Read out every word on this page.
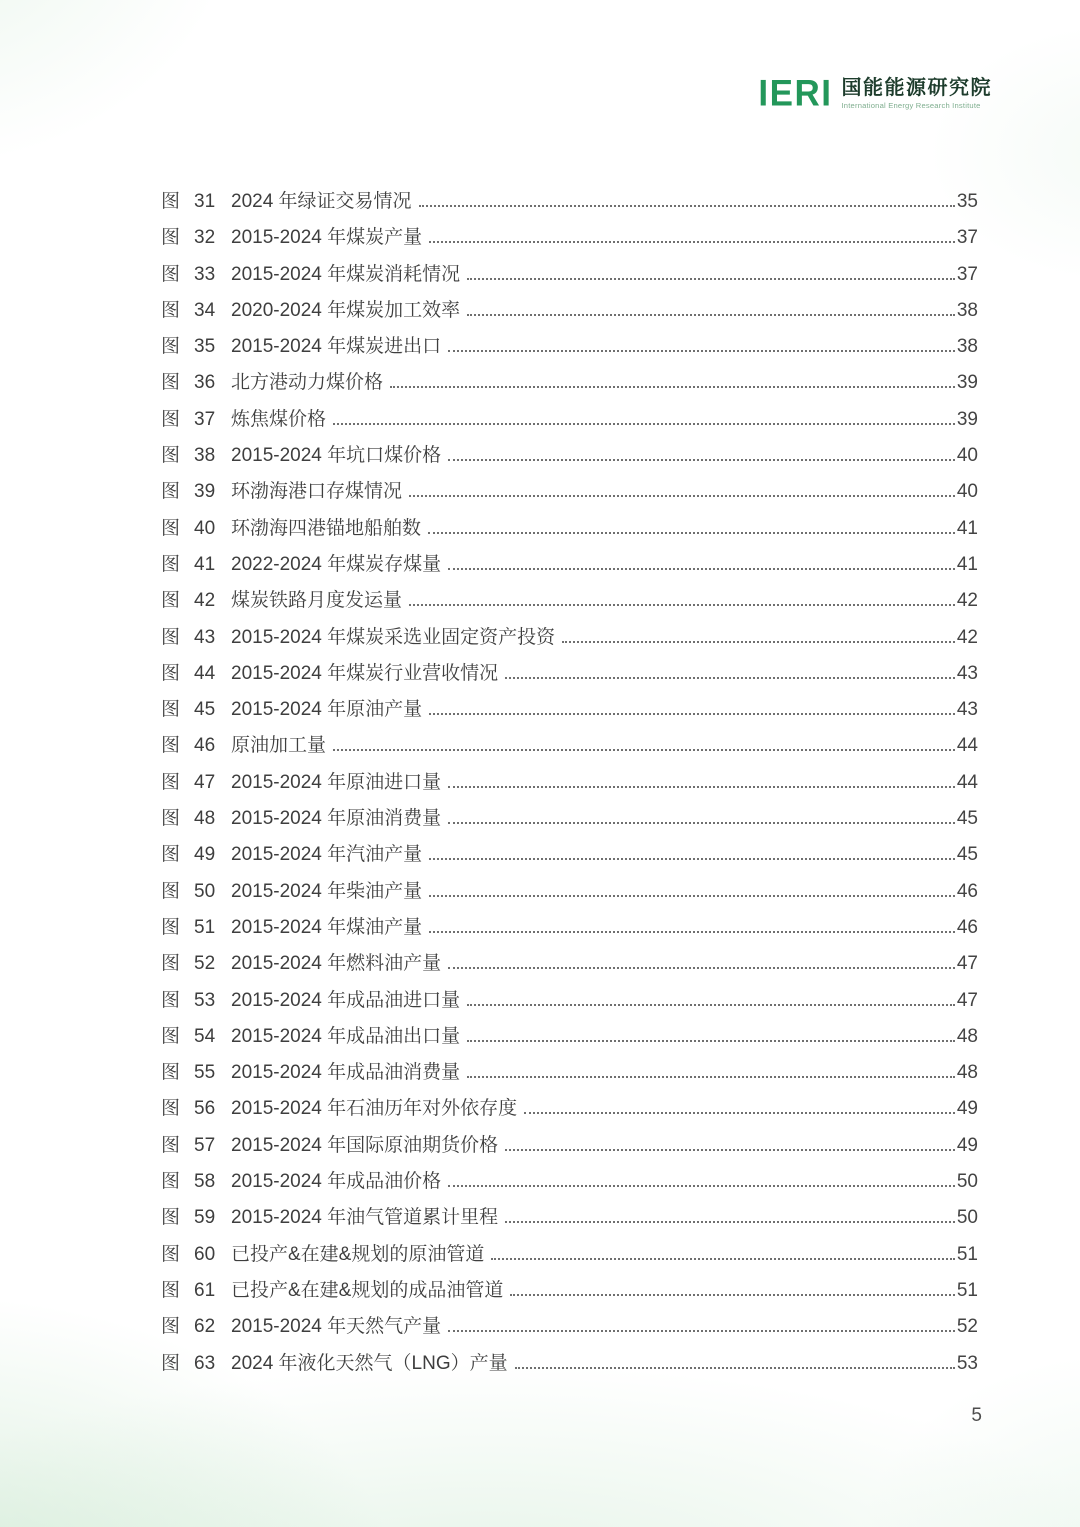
IERI 国能能源研究院
International Energy Research Institute
图 31 2024 年绿证交易情况	35
图 32 2015-2024 年煤炭产量	37
图 33 2015-2024 年煤炭消耗情况	37
图 34 2020-2024 年煤炭加工效率	38
图 35 2015-2024 年煤炭进出口	38
图 36 北方港动力煤价格	39
图 37 炼焦煤价格	39
图 38 2015-2024 年坑口煤价格	40
图 39 环渤海港口存煤情况	40
图 40 环渤海四港锚地船舶数	41
图 41 2022-2024 年煤炭存煤量	41
图 42 煤炭铁路月度发运量	42
图 43 2015-2024 年煤炭采选业固定资产投资	42
图 44 2015-2024 年煤炭行业营收情况	43
图 45 2015-2024 年原油产量	43
图 46 原油加工量	44
图 47 2015-2024 年原油进口量	44
图 48 2015-2024 年原油消费量	45
图 49 2015-2024 年汽油产量	45
图 50 2015-2024 年柴油产量	46
图 51 2015-2024 年煤油产量	46
图 52 2015-2024 年燃料油产量	47
图 53 2015-2024 年成品油进口量	47
图 54 2015-2024 年成品油出口量	48
图 55 2015-2024 年成品油消费量	48
图 56 2015-2024 年石油历年对外依存度	49
图 57 2015-2024 年国际原油期货价格	49
图 58 2015-2024 年成品油价格	50
图 59 2015-2024 年油气管道累计里程	50
图 60 已投产&在建&规划的原油管道	51
图 61 已投产&在建&规划的成品油管道	51
图 62 2015-2024 年天然气产量	52
图 63 2024 年液化天然气（LNG）产量	53
5
